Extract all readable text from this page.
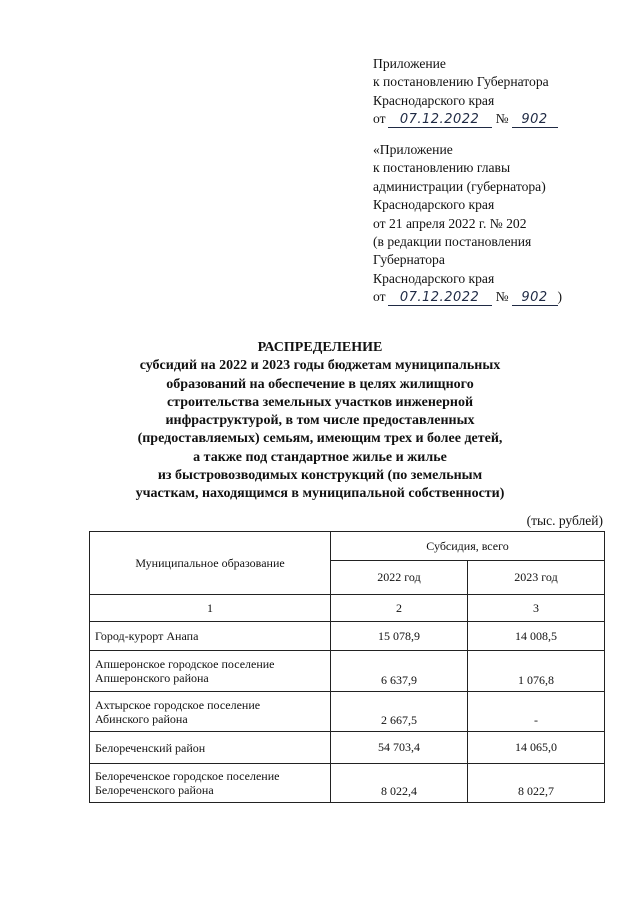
Приложение
к постановлению Губернатора
Краснодарского края
от 07.12.2022 № 902
«Приложение
к постановлению главы
администрации (губернатора)
Краснодарского края
от 21 апреля 2022 г. № 202
(в редакции постановления
Губернатора
Краснодарского края
от 07.12.2022 № 902 )
РАСПРЕДЕЛЕНИЕ
субсидий на 2022 и 2023 годы бюджетам муниципальных
образований на обеспечение в целях жилищного
строительства земельных участков инженерной
инфраструктурой, в том числе предоставленных
(предоставляемых) семьям, имеющим трех и более детей,
а также под стандартное жилье и жилье
из быстровозводимых конструкций (по земельным
участкам, находящимся в муниципальной собственности)
(тыс. рублей)
Муниципальное образование	Субсидия, всего	
	2022 год	2023 год
1	2	3
Город-курорт Анапа	15 078,9	14 008,5

Апшеронское городское поселение
Апшеронского района	6 637,9	1 076,8

Ахтырское городское поселение
Абинского района	2 667,5	-
Белореченский район	54 703,4	14 065,0

Белореченское городское поселение
Белореченского района	8 022,4	8 022,7
